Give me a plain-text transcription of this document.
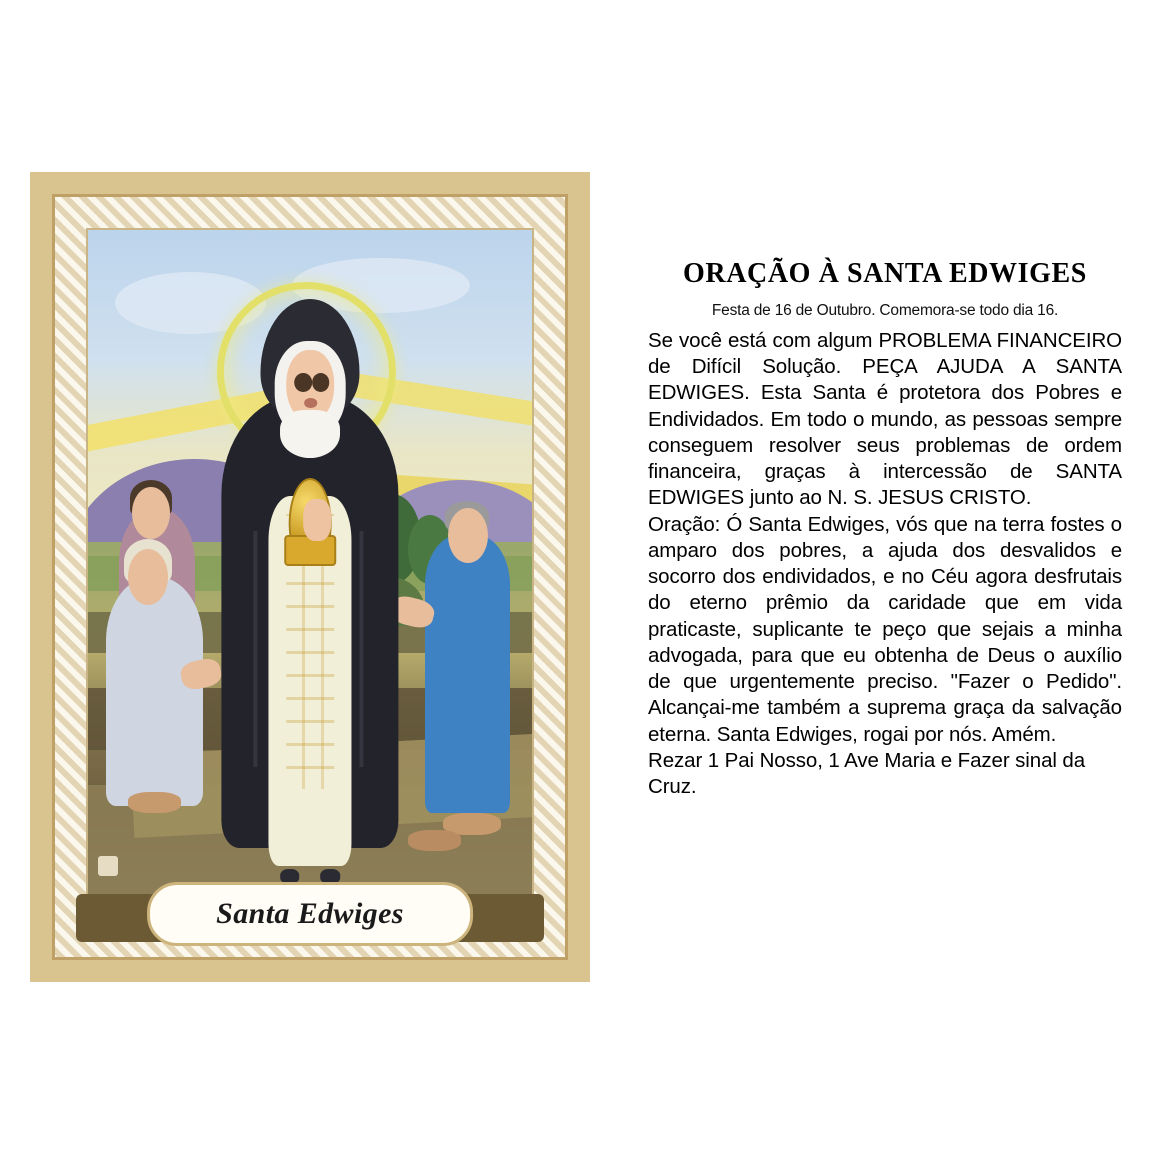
Santa Edwiges
ORAÇÃO À SANTA EDWIGES
Festa de 16 de Outubro. Comemora-se todo dia 16.

Se você está com algum PROBLEMA FINANCEIRO de Difícil Solução. PEÇA AJUDA A SANTA EDWIGES. Esta Santa é protetora dos Pobres e Endividados. Em todo o mundo, as pessoas sempre conseguem resolver seus problemas de ordem financeira, graças à intercessão de SANTA EDWIGES junto ao N. S. JESUS CRISTO.

Oração: Ó Santa Edwiges, vós que na terra fostes o amparo dos pobres, a ajuda dos desvalidos e socorro dos endividados, e no Céu agora desfrutais do eterno prêmio da caridade que em vida praticaste, suplicante te peço que sejais a minha advogada, para que eu obtenha de Deus o auxílio de que urgentemente preciso. "Fazer o Pedido". Alcançai-me também a suprema graça da salvação eterna. Santa Edwiges, rogai por nós. Amém.

Rezar 1 Pai Nosso, 1 Ave Maria e Fazer sinal da Cruz.
